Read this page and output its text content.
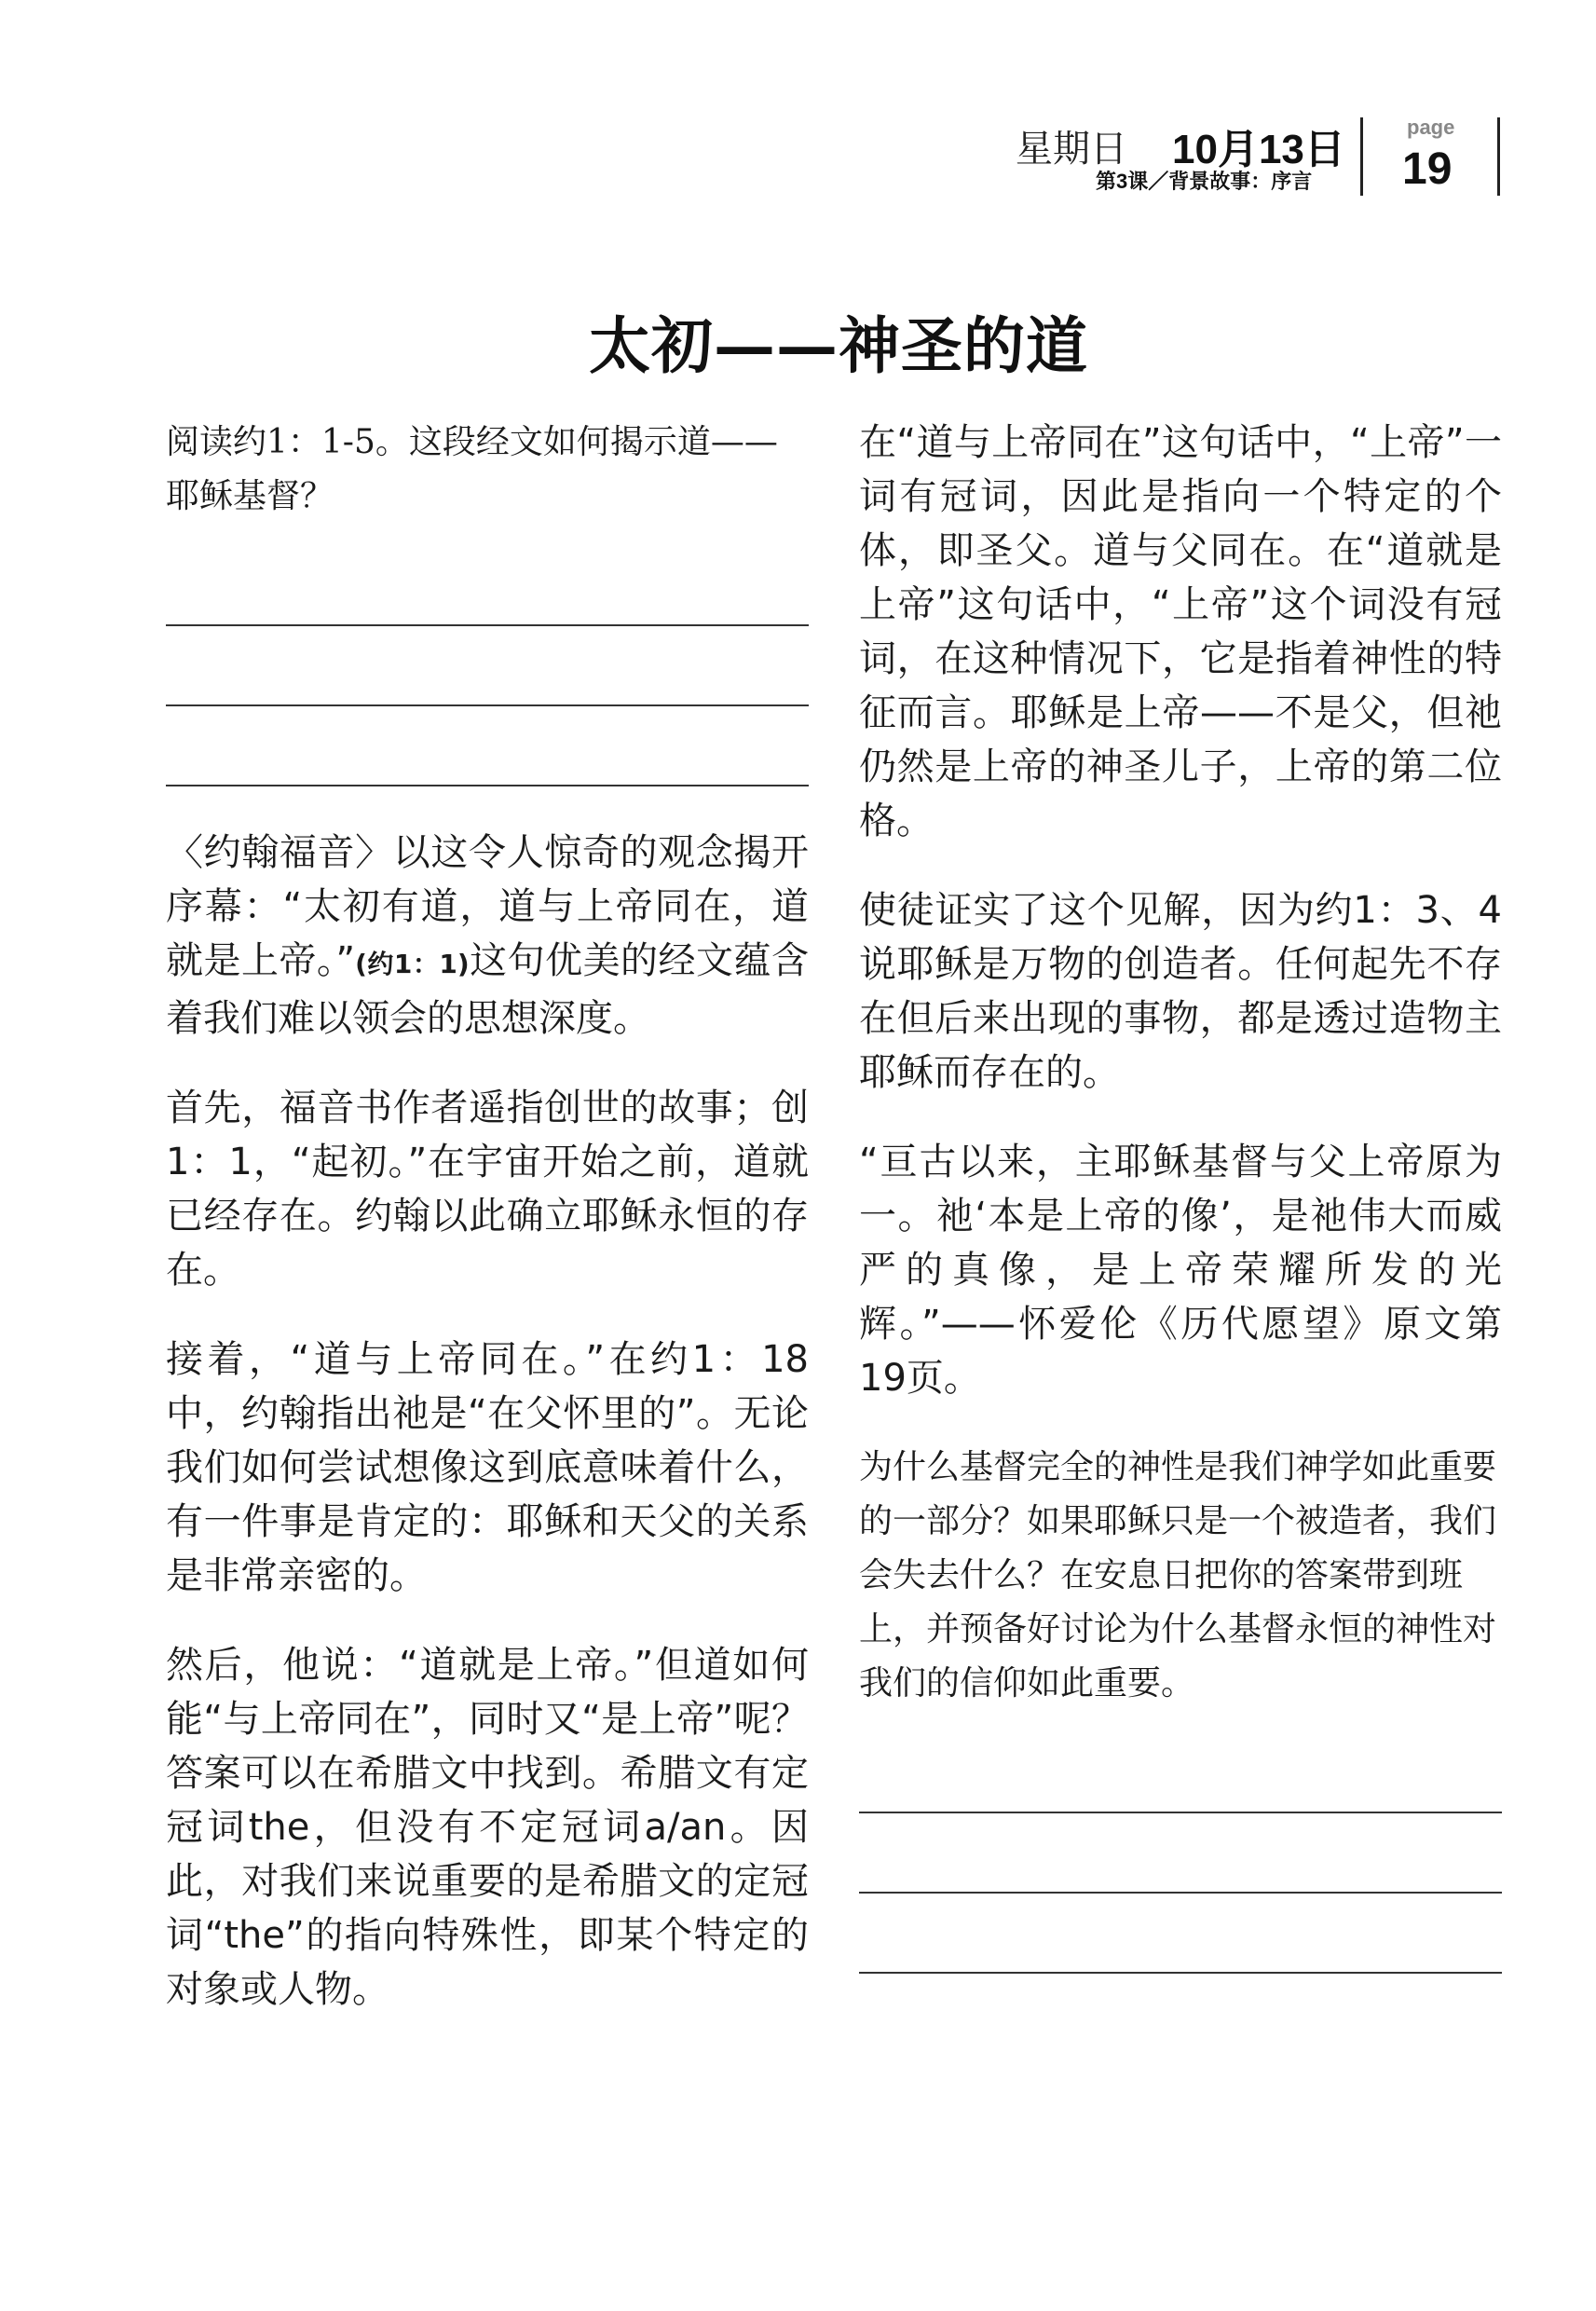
星期日 10月13日
第3课／背景故事：序言
page
19
太初——神圣的道

阅读约1：1-5。这段经文如何揭示道——耶稣基督？

〈约翰福音〉以这令人惊奇的观念揭开序幕：“太初有道，道与上帝同在，道就是上帝。”(约1：1)这句优美的经文蕴含着我们难以领会的思想深度。

首先，福音书作者遥指创世的故事；创1：1，“起初。”在宇宙开始之前，道就已经存在。约翰以此确立耶稣永恒的存在。

接着，“道与上帝同在。”在约1：18中，约翰指出祂是“在父怀里的”。无论我们如何尝试想像这到底意味着什么，有一件事是肯定的：耶稣和天父的关系是非常亲密的。

然后，他说：“道就是上帝。”但道如何能“与上帝同在”，同时又“是上帝”呢？答案可以在希腊文中找到。希腊文有定冠词the，但没有不定冠词a/an。因此，对我们来说重要的是希腊文的定冠词“the”的指向特殊性，即某个特定的对象或人物。

在“道与上帝同在”这句话中，“上帝”一词有冠词，因此是指向一个特定的个体，即圣父。道与父同在。在“道就是上帝”这句话中，“上帝”这个词没有冠词，在这种情况下，它是指着神性的特征而言。耶稣是上帝——不是父，但祂仍然是上帝的神圣儿子，上帝的第二位格。

使徒证实了这个见解，因为约1：3、4说耶稣是万物的创造者。任何起先不存在但后来出现的事物，都是透过造物主耶稣而存在的。

“亘古以来，主耶稣基督与父上帝原为一。祂‘本是上帝的像’，是祂伟大而威严的真像，是上帝荣耀所发的光辉。”——怀爱伦《历代愿望》原文第19页。

为什么基督完全的神性是我们神学如此重要的一部分？如果耶稣只是一个被造者，我们会失去什么？在安息日把你的答案带到班上，并预备好讨论为什么基督永恒的神性对我们的信仰如此重要。
